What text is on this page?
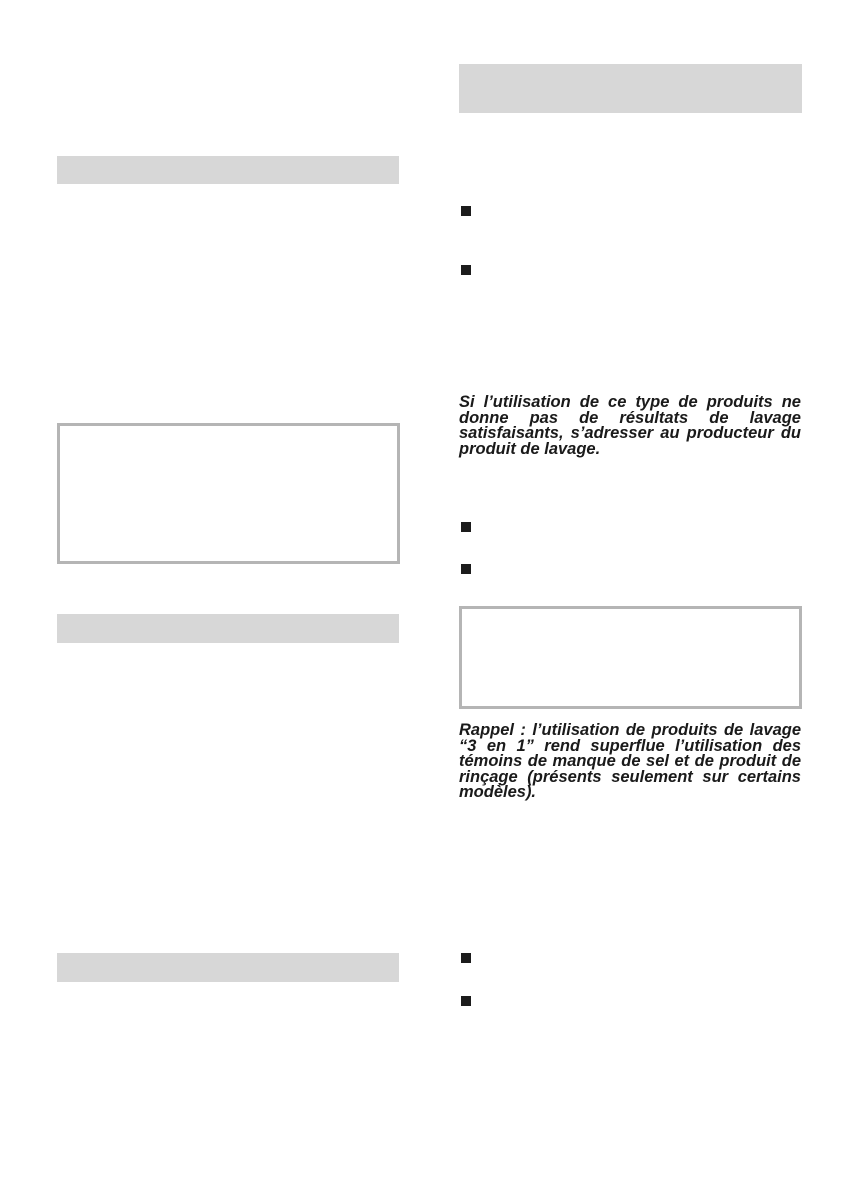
Si l’utilisation de ce type de produits ne donne pas de résultats de lavage satisfaisants, s’adresser au producteur du produit de lavage.

Rappel : l’utilisation de produits de lavage “3 en 1” rend superflue l’utilisation des témoins de manque de sel et de produit de rinçage (présents seulement sur certains modèles).
